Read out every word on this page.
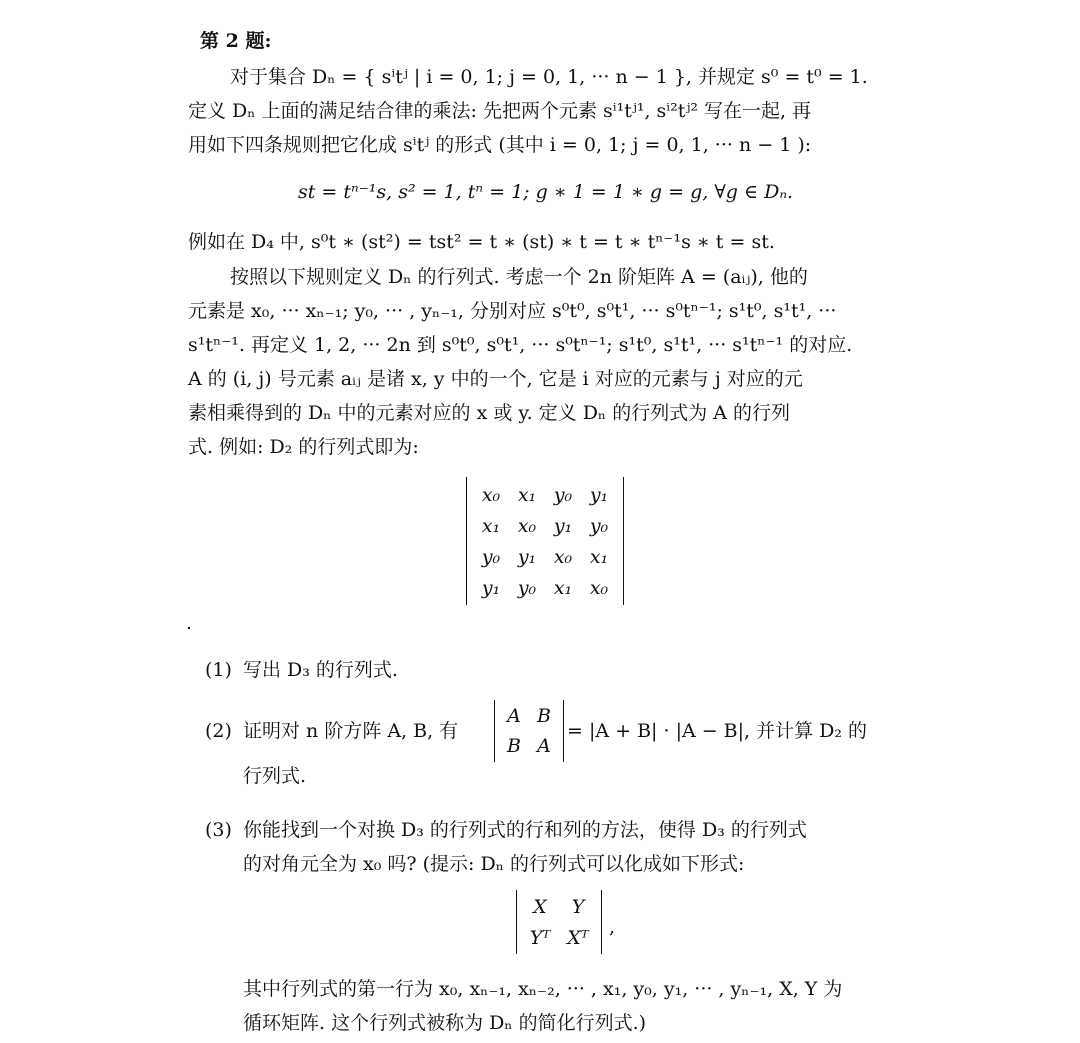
第 2 题:
对于集合 Dₙ = { sⁱtʲ | i = 0, 1; j = 0, 1, ··· n − 1 }, 并规定 s⁰ = t⁰ = 1.
定义 Dₙ 上面的满足结合律的乘法: 先把两个元素 sⁱ¹tʲ¹, sⁱ²tʲ² 写在一起, 再
用如下四条规则把它化成 sⁱtʲ 的形式 (其中 i = 0, 1; j = 0, 1, ··· n − 1 ):
st = tⁿ⁻¹s, s² = 1, tⁿ = 1; g ∗ 1 = 1 ∗ g = g, ∀g ∈ Dₙ.
例如在 D₄ 中, s⁰t ∗ (st²) = tst² = t ∗ (st) ∗ t = t ∗ tⁿ⁻¹s ∗ t = st.
按照以下规则定义 Dₙ 的行列式. 考虑一个 2n 阶矩阵 A = (aᵢⱼ), 他的
元素是 x₀, ··· xₙ₋₁; y₀, ··· , yₙ₋₁, 分别对应 s⁰t⁰, s⁰t¹, ··· s⁰tⁿ⁻¹; s¹t⁰, s¹t¹, ···
s¹tⁿ⁻¹. 再定义 1, 2, ··· 2n 到 s⁰t⁰, s⁰t¹, ··· s⁰tⁿ⁻¹; s¹t⁰, s¹t¹, ··· s¹tⁿ⁻¹ 的对应.
A 的 (i, j) 号元素 aᵢⱼ 是诸 x, y 中的一个, 它是 i 对应的元素与 j 对应的元
素相乘得到的 Dₙ 中的元素对应的 x 或 y. 定义 Dₙ 的行列式为 A 的行列
式. 例如: D₂ 的行列式即为:
x₀	x₁	y₀	y₁
x₁	x₀	y₁	y₀
y₀	y₁	x₀	x₁
y₁	y₀	x₁	x₀
.
(1) 写出 D₃ 的行列式.
(2) 证明对 n 阶方阵 A, B, 有
A	B
B	A
= |A + B| · |A − B|, 并计算 D₂ 的
行列式.
(3) 你能找到一个对换 D₃ 的行列式的行和列的方法，使得 D₃ 的行列式
的对角元全为 x₀ 吗? (提示: Dₙ 的行列式可以化成如下形式:
X	Y
Yᵀ	Xᵀ ,
其中行列式的第一行为 x₀, xₙ₋₁, xₙ₋₂, ··· , x₁, y₀, y₁, ··· , yₙ₋₁, X, Y 为
循环矩阵. 这个行列式被称为 Dₙ 的简化行列式.)
